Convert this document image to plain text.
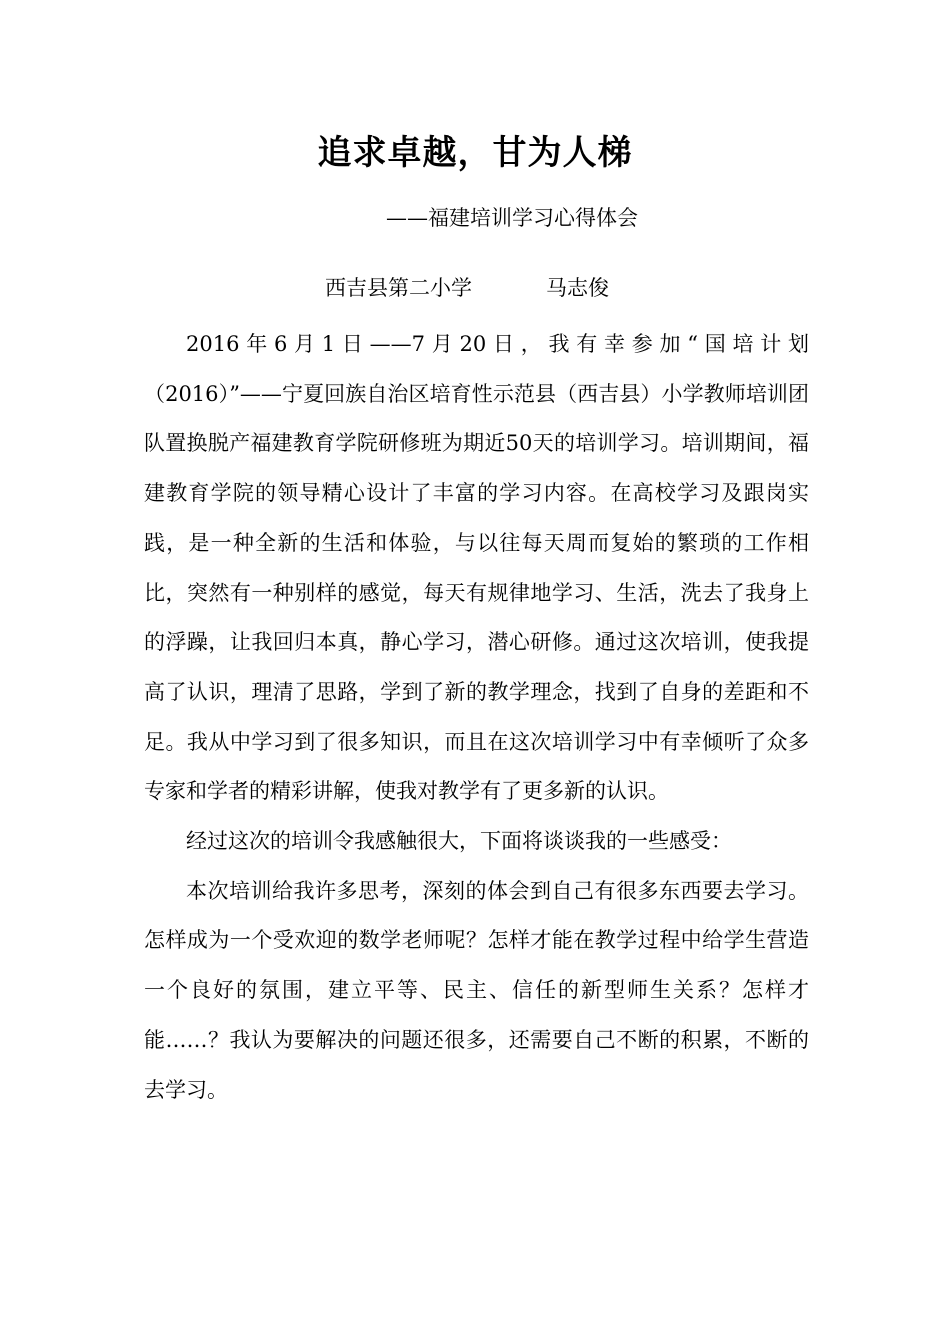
追求卓越，甘为人梯
——福建培训学习心得体会
西吉县第二小学	马志俊

2016年6月1日——7月20日，我有幸参加“国培计划（2016）”——宁夏回族自治区培育性示范县（西吉县）小学教师培训团队置换脱产福建教育学院研修班为期近50天的培训学习。培训期间，福建教育学院的领导精心设计了丰富的学习内容。在高校学习及跟岗实践，是一种全新的生活和体验，与以往每天周而复始的繁琐的工作相比，突然有一种别样的感觉，每天有规律地学习、生活，洗去了我身上的浮躁，让我回归本真，静心学习，潜心研修。通过这次培训，使我提高了认识，理清了思路，学到了新的教学理念，找到了自身的差距和不足。我从中学习到了很多知识，而且在这次培训学习中有幸倾听了众多专家和学者的精彩讲解，使我对教学有了更多新的认识。

经过这次的培训令我感触很大，下面将谈谈我的一些感受：

本次培训给我许多思考，深刻的体会到自己有很多东西要去学习。怎样成为一个受欢迎的数学老师呢？怎样才能在教学过程中给学生营造一个良好的氛围，建立平等、民主、信任的新型师生关系？怎样才能……？我认为要解决的问题还很多，还需要自己不断的积累，不断的去学习。
